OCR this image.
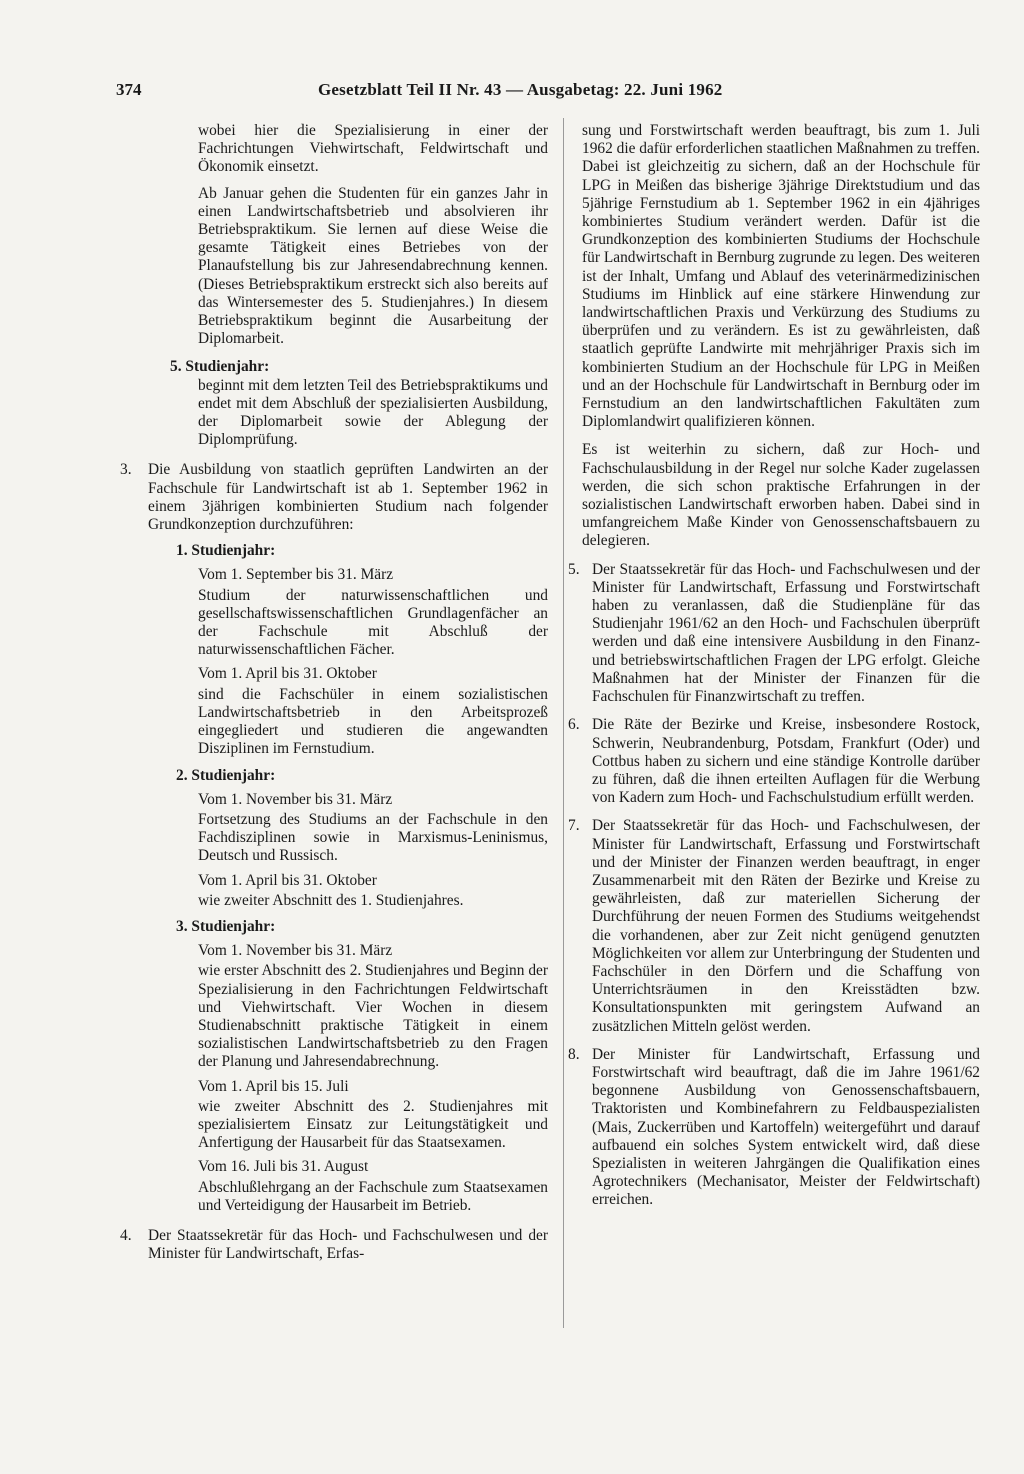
374	Gesetzblatt Teil II Nr. 43 — Ausgabetag: 22. Juni 1962
wobei hier die Spezialisierung in einer der Fachrichtungen Viehwirtschaft, Feldwirtschaft und Ökonomik einsetzt.
Ab Januar gehen die Studenten für ein ganzes Jahr in einen Landwirtschaftsbetrieb und absolvieren ihr Betriebspraktikum. Sie lernen auf diese Weise die gesamte Tätigkeit eines Betriebes von der Planaufstellung bis zur Jahresendabrechnung kennen. (Dieses Betriebspraktikum erstreckt sich also bereits auf das Wintersemester des 5. Studienjahres.) In diesem Betriebspraktikum beginnt die Ausarbeitung der Diplomarbeit.
5. Studienjahr:
beginnt mit dem letzten Teil des Betriebspraktikums und endet mit dem Abschluß der spezialisierten Ausbildung, der Diplomarbeit sowie der Ablegung der Diplomprüfung.
3.	Die Ausbildung von staatlich geprüften Landwirten an der Fachschule für Landwirtschaft ist ab 1. September 1962 in einem 3jährigen kombinierten Studium nach folgender Grundkonzeption durchzuführen:
1. Studienjahr:
Vom 1. September bis 31. März
Studium der naturwissenschaftlichen und gesellschaftswissenschaftlichen Grundlagenfächer an der Fachschule mit Abschluß der naturwissenschaftlichen Fächer.
Vom 1. April bis 31. Oktober
sind die Fachschüler in einem sozialistischen Landwirtschaftsbetrieb in den Arbeitsprozeß eingegliedert und studieren die angewandten Disziplinen im Fernstudium.
2. Studienjahr:
Vom 1. November bis 31. März
Fortsetzung des Studiums an der Fachschule in den Fachdisziplinen sowie in Marxismus-Leninismus, Deutsch und Russisch.
Vom 1. April bis 31. Oktober
wie zweiter Abschnitt des 1. Studienjahres.
3. Studienjahr:
Vom 1. November bis 31. März
wie erster Abschnitt des 2. Studienjahres und Beginn der Spezialisierung in den Fachrichtungen Feldwirtschaft und Viehwirtschaft. Vier Wochen in diesem Studienabschnitt praktische Tätigkeit in einem sozialistischen Landwirtschaftsbetrieb zu den Fragen der Planung und Jahresendabrechnung.
Vom 1. April bis 15. Juli
wie zweiter Abschnitt des 2. Studienjahres mit spezialisiertem Einsatz zur Leitungstätigkeit und Anfertigung der Hausarbeit für das Staatsexamen.
Vom 16. Juli bis 31. August
Abschlußlehrgang an der Fachschule zum Staatsexamen und Verteidigung der Hausarbeit im Betrieb.
4.	Der Staatssekretär für das Hoch- und Fachschulwesen und der Minister für Landwirtschaft, Erfas-
sung und Forstwirtschaft werden beauftragt, bis zum 1. Juli 1962 die dafür erforderlichen staatlichen Maßnahmen zu treffen. Dabei ist gleichzeitig zu sichern, daß an der Hochschule für LPG in Meißen das bisherige 3jährige Direktstudium und das 5jährige Fernstudium ab 1. September 1962 in ein 4jähriges kombiniertes Studium verändert werden. Dafür ist die Grundkonzeption des kombinierten Studiums der Hochschule für Landwirtschaft in Bernburg zugrunde zu legen. Des weiteren ist der Inhalt, Umfang und Ablauf des veterinärmedizinischen Studiums im Hinblick auf eine stärkere Hinwendung zur landwirtschaftlichen Praxis und Verkürzung des Studiums zu überprüfen und zu verändern. Es ist zu gewährleisten, daß staatlich geprüfte Landwirte mit mehrjähriger Praxis sich im kombinierten Studium an der Hochschule für LPG in Meißen und an der Hochschule für Landwirtschaft in Bernburg oder im Fernstudium an den landwirtschaftlichen Fakultäten zum Diplomlandwirt qualifizieren können.
Es ist weiterhin zu sichern, daß zur Hoch- und Fachschulausbildung in der Regel nur solche Kader zugelassen werden, die sich schon praktische Erfahrungen in der sozialistischen Landwirtschaft erworben haben. Dabei sind in umfangreichem Maße Kinder von Genossenschaftsbauern zu delegieren.
5. Der Staatssekretär für das Hoch- und Fachschulwesen und der Minister für Landwirtschaft, Erfassung und Forstwirtschaft haben zu veranlassen, daß die Studienpläne für das Studienjahr 1961/62 an den Hoch- und Fachschulen überprüft werden und daß eine intensivere Ausbildung in den Finanz- und betriebswirtschaftlichen Fragen der LPG erfolgt. Gleiche Maßnahmen hat der Minister der Finanzen für die Fachschulen für Finanzwirtschaft zu treffen.
6. Die Räte der Bezirke und Kreise, insbesondere Rostock, Schwerin, Neubrandenburg, Potsdam, Frankfurt (Oder) und Cottbus haben zu sichern und eine ständige Kontrolle darüber zu führen, daß die ihnen erteilten Auflagen für die Werbung von Kadern zum Hoch- und Fachschulstudium erfüllt werden.
7. Der Staatssekretär für das Hoch- und Fachschulwesen, der Minister für Landwirtschaft, Erfassung und Forstwirtschaft und der Minister der Finanzen werden beauftragt, in enger Zusammenarbeit mit den Räten der Bezirke und Kreise zu gewährleisten, daß zur materiellen Sicherung der Durchführung der neuen Formen des Studiums weitgehendst die vorhandenen, aber zur Zeit nicht genügend genutzten Möglichkeiten vor allem zur Unterbringung der Studenten und Fachschüler in den Dörfern und die Schaffung von Unterrichtsräumen in den Kreisstädten bzw. Konsultationspunkten mit geringstem Aufwand an zusätzlichen Mitteln gelöst werden.
8. Der Minister für Landwirtschaft, Erfassung und Forstwirtschaft wird beauftragt, daß die im Jahre 1961/62 begonnene Ausbildung von Genossenschaftsbauern, Traktoristen und Kombinefahrern zu Feldbauspezialisten (Mais, Zuckerrüben und Kartoffeln) weitergeführt und darauf aufbauend ein solches System entwickelt wird, daß diese Spezialisten in weiteren Jahrgängen die Qualifikation eines Agrotechnikers (Mechanisator, Meister der Feldwirtschaft) erreichen.
